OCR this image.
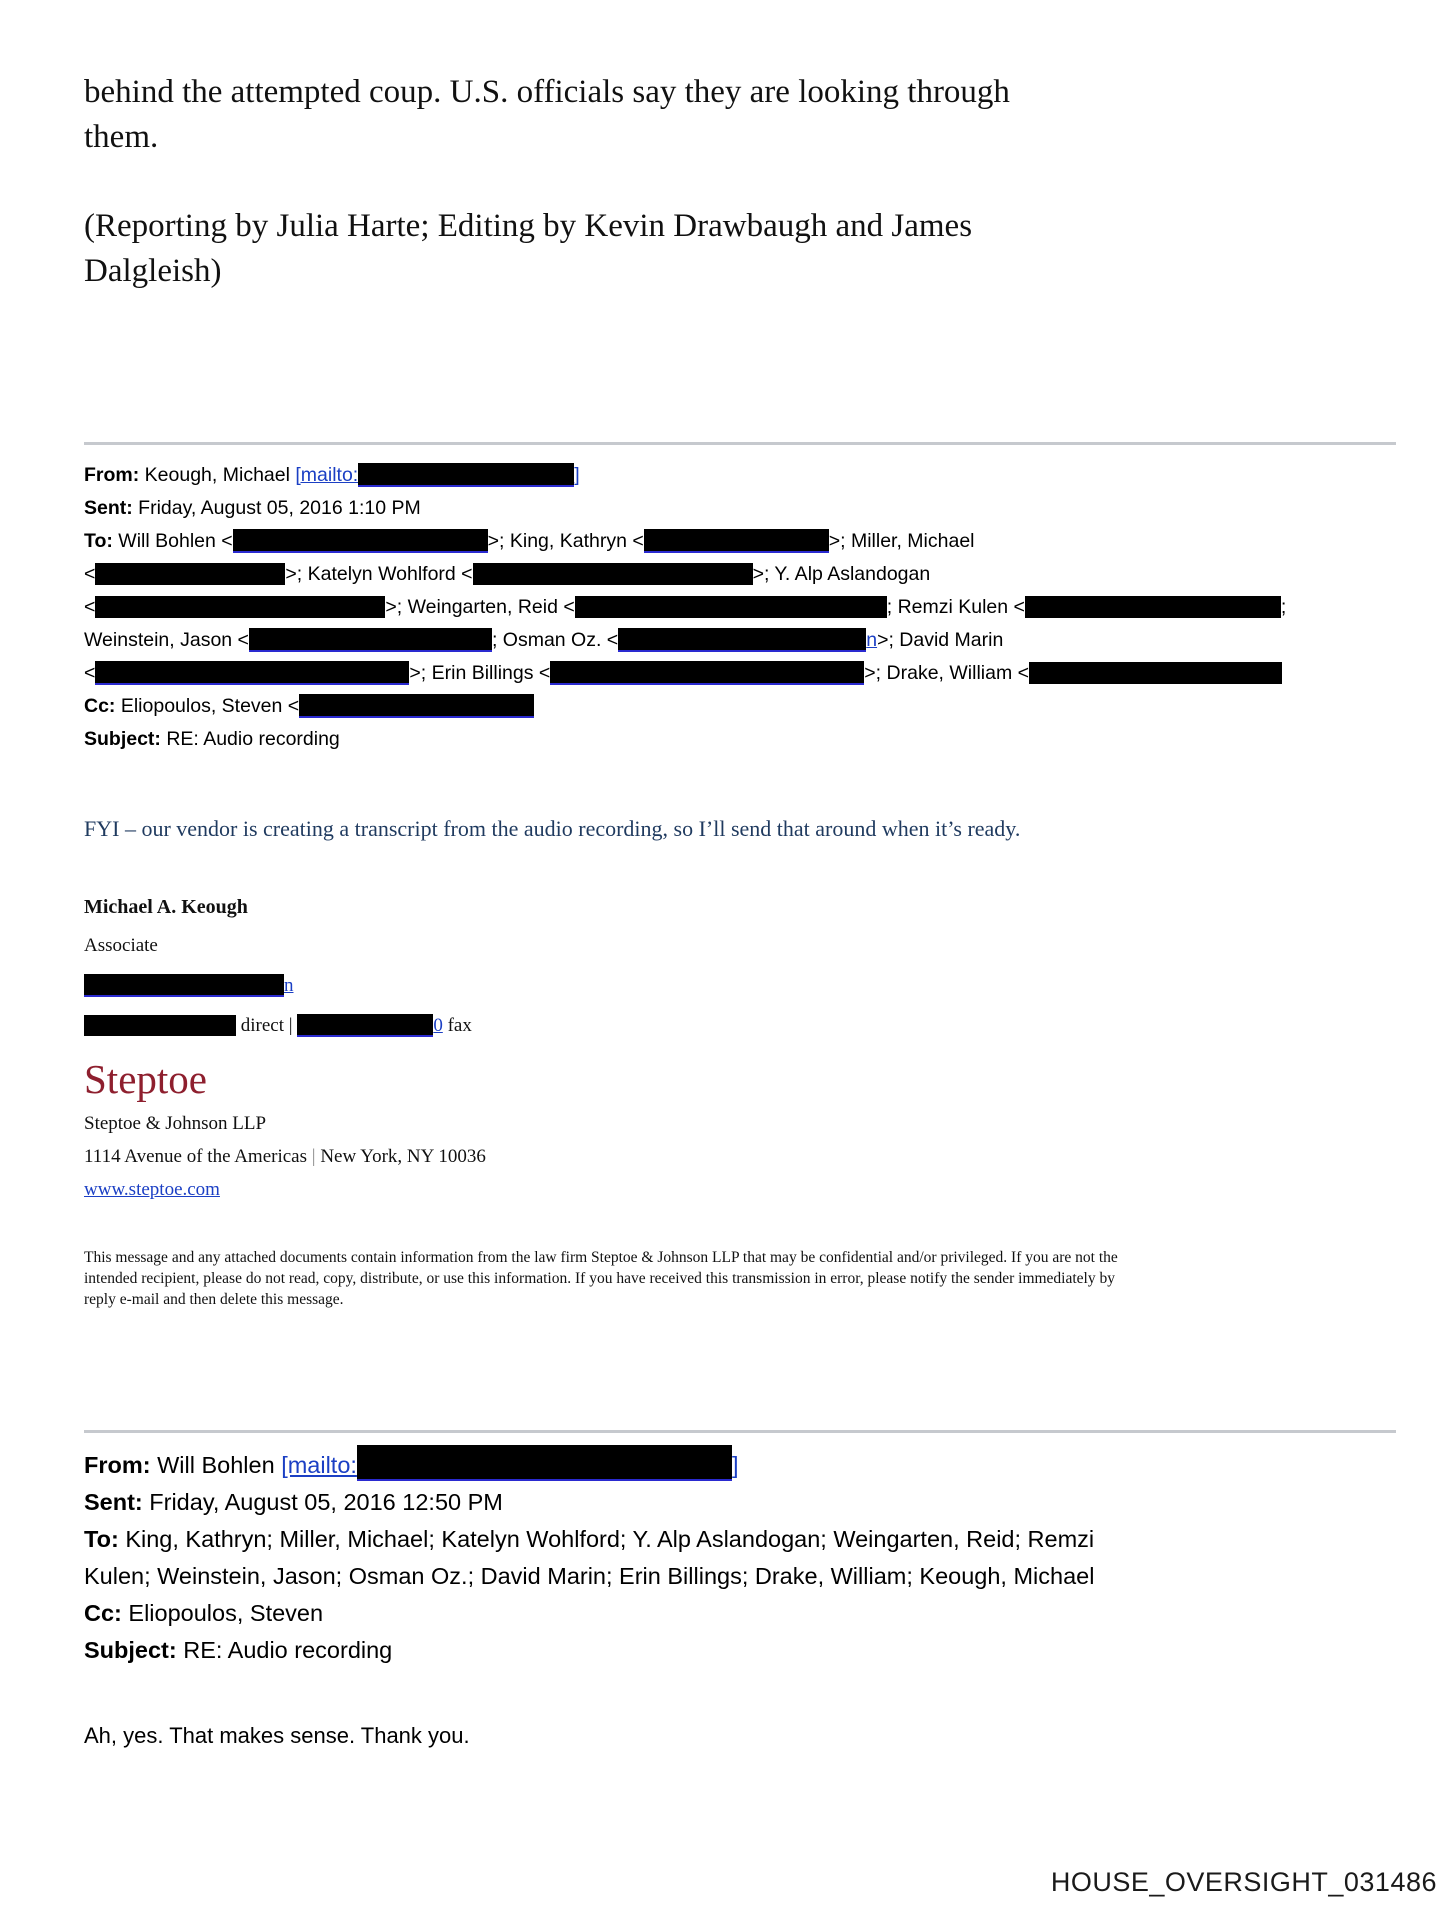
behind the attempted coup. U.S. officials say they are looking through
them.

(Reporting by Julia Harte; Editing by Kevin Drawbaugh and James
Dalgleish)

From: Keough, Michael [mailto:	]
Sent: Friday, August 05, 2016 1:10 PM
To: Will Bohlen <	>; King, Kathryn <	>; Miller, Michael
<	>; Katelyn Wohlford <	>; Y. Alp Aslandogan
<	>; Weingarten, Reid <	; Remzi Kulen <	;
Weinstein, Jason <	; Osman Oz. <	n>; David Marin
<	>; Erin Billings <	>; Drake, William <
Cc: Eliopoulos, Steven <
Subject: RE: Audio recording
FYI – our vendor is creating a transcript from the audio recording, so I’ll send that around when it’s ready.
Michael A. Keough
Associate
n
direct |	0 fax
Steptoe
Steptoe & Johnson LLP
1114 Avenue of the Americas | New York, NY 10036
www.steptoe.com
This message and any attached documents contain information from the law firm Steptoe & Johnson LLP that may be confidential and/or privileged. If you are not the
intended recipient, please do not read, copy, distribute, or use this information. If you have received this transmission in error, please notify the sender immediately by
reply e-mail and then delete this message.
From: Will Bohlen [mailto:	]
Sent: Friday, August 05, 2016 12:50 PM
To: King, Kathryn; Miller, Michael; Katelyn Wohlford; Y. Alp Aslandogan; Weingarten, Reid; Remzi
Kulen; Weinstein, Jason; Osman Oz.; David Marin; Erin Billings; Drake, William; Keough, Michael
Cc: Eliopoulos, Steven
Subject: RE: Audio recording
Ah, yes. That makes sense. Thank you.
HOUSE_OVERSIGHT_031486
